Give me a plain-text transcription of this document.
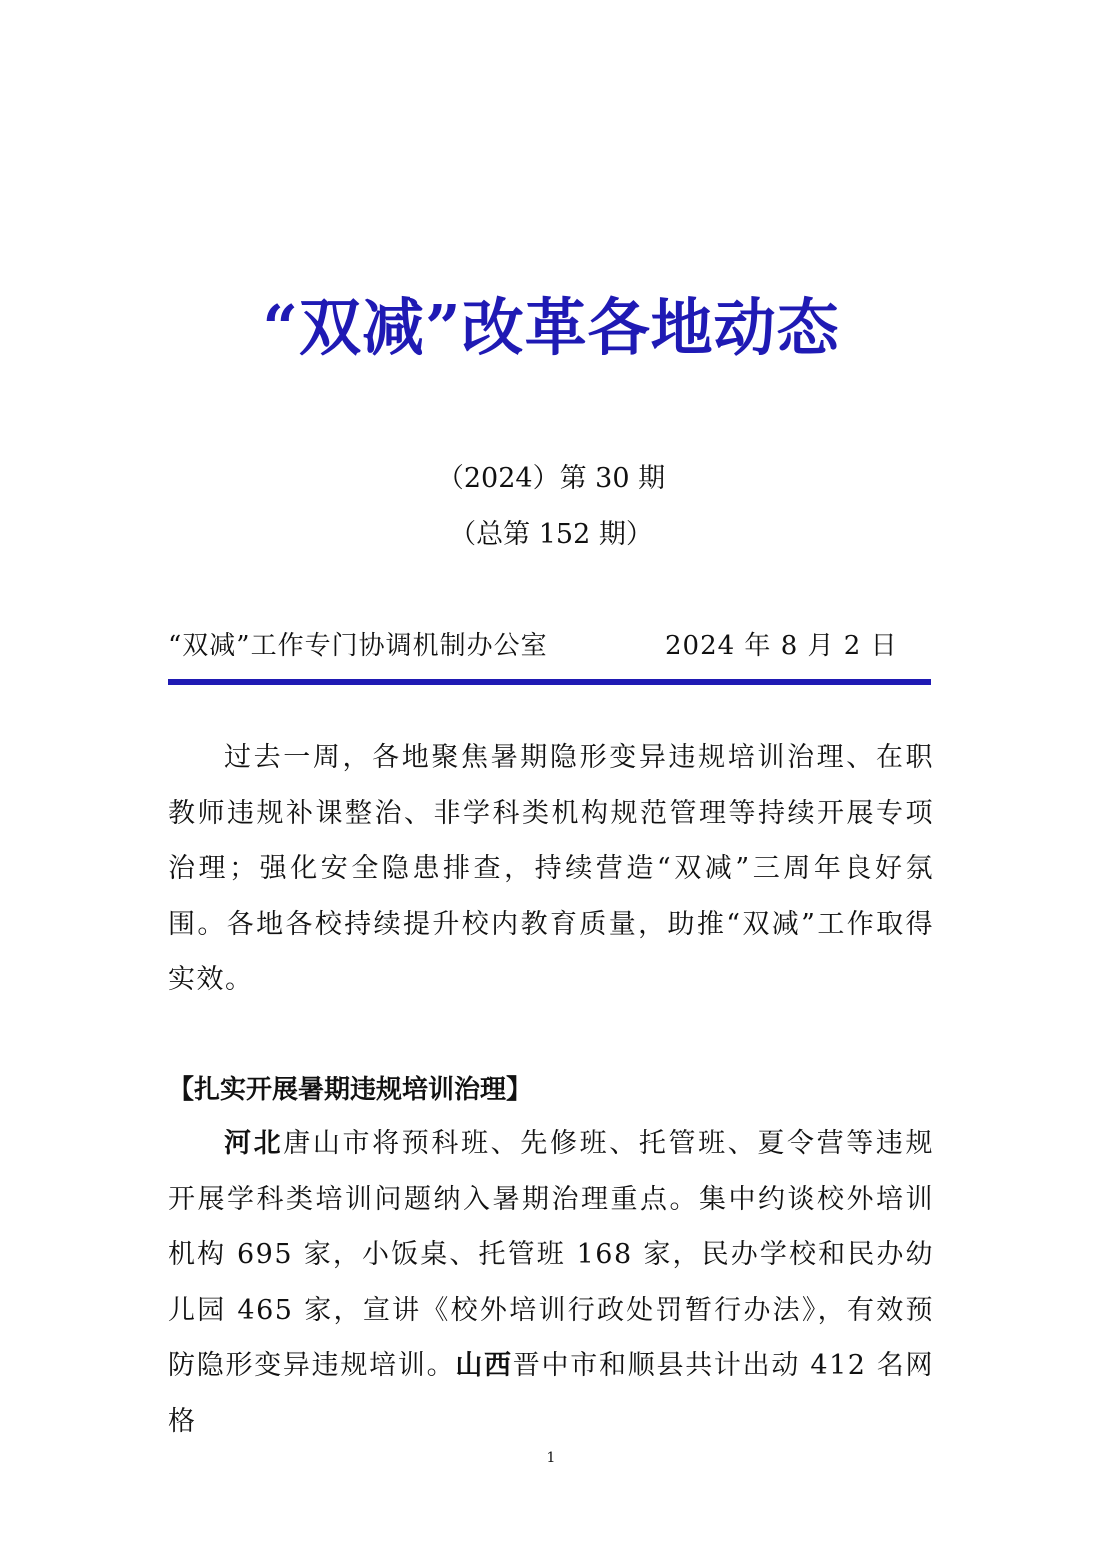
“双减”改革各地动态
（2024）第 30 期
（总第 152 期）
“双减”工作专门协调机制办公室	2024 年 8 月 2 日
过去一周，各地聚焦暑期隐形变异违规培训治理、在职教师违规补课整治、非学科类机构规范管理等持续开展专项治理；强化安全隐患排查，持续营造“双减”三周年良好氛围。各地各校持续提升校内教育质量，助推“双减”工作取得实效。
【扎实开展暑期违规培训治理】
河北唐山市将预科班、先修班、托管班、夏令营等违规开展学科类培训问题纳入暑期治理重点。集中约谈校外培训机构 695 家，小饭桌、托管班 168 家，民办学校和民办幼儿园 465 家，宣讲《校外培训行政处罚暂行办法》，有效预防隐形变异违规培训。山西晋中市和顺县共计出动 412 名网格
1
